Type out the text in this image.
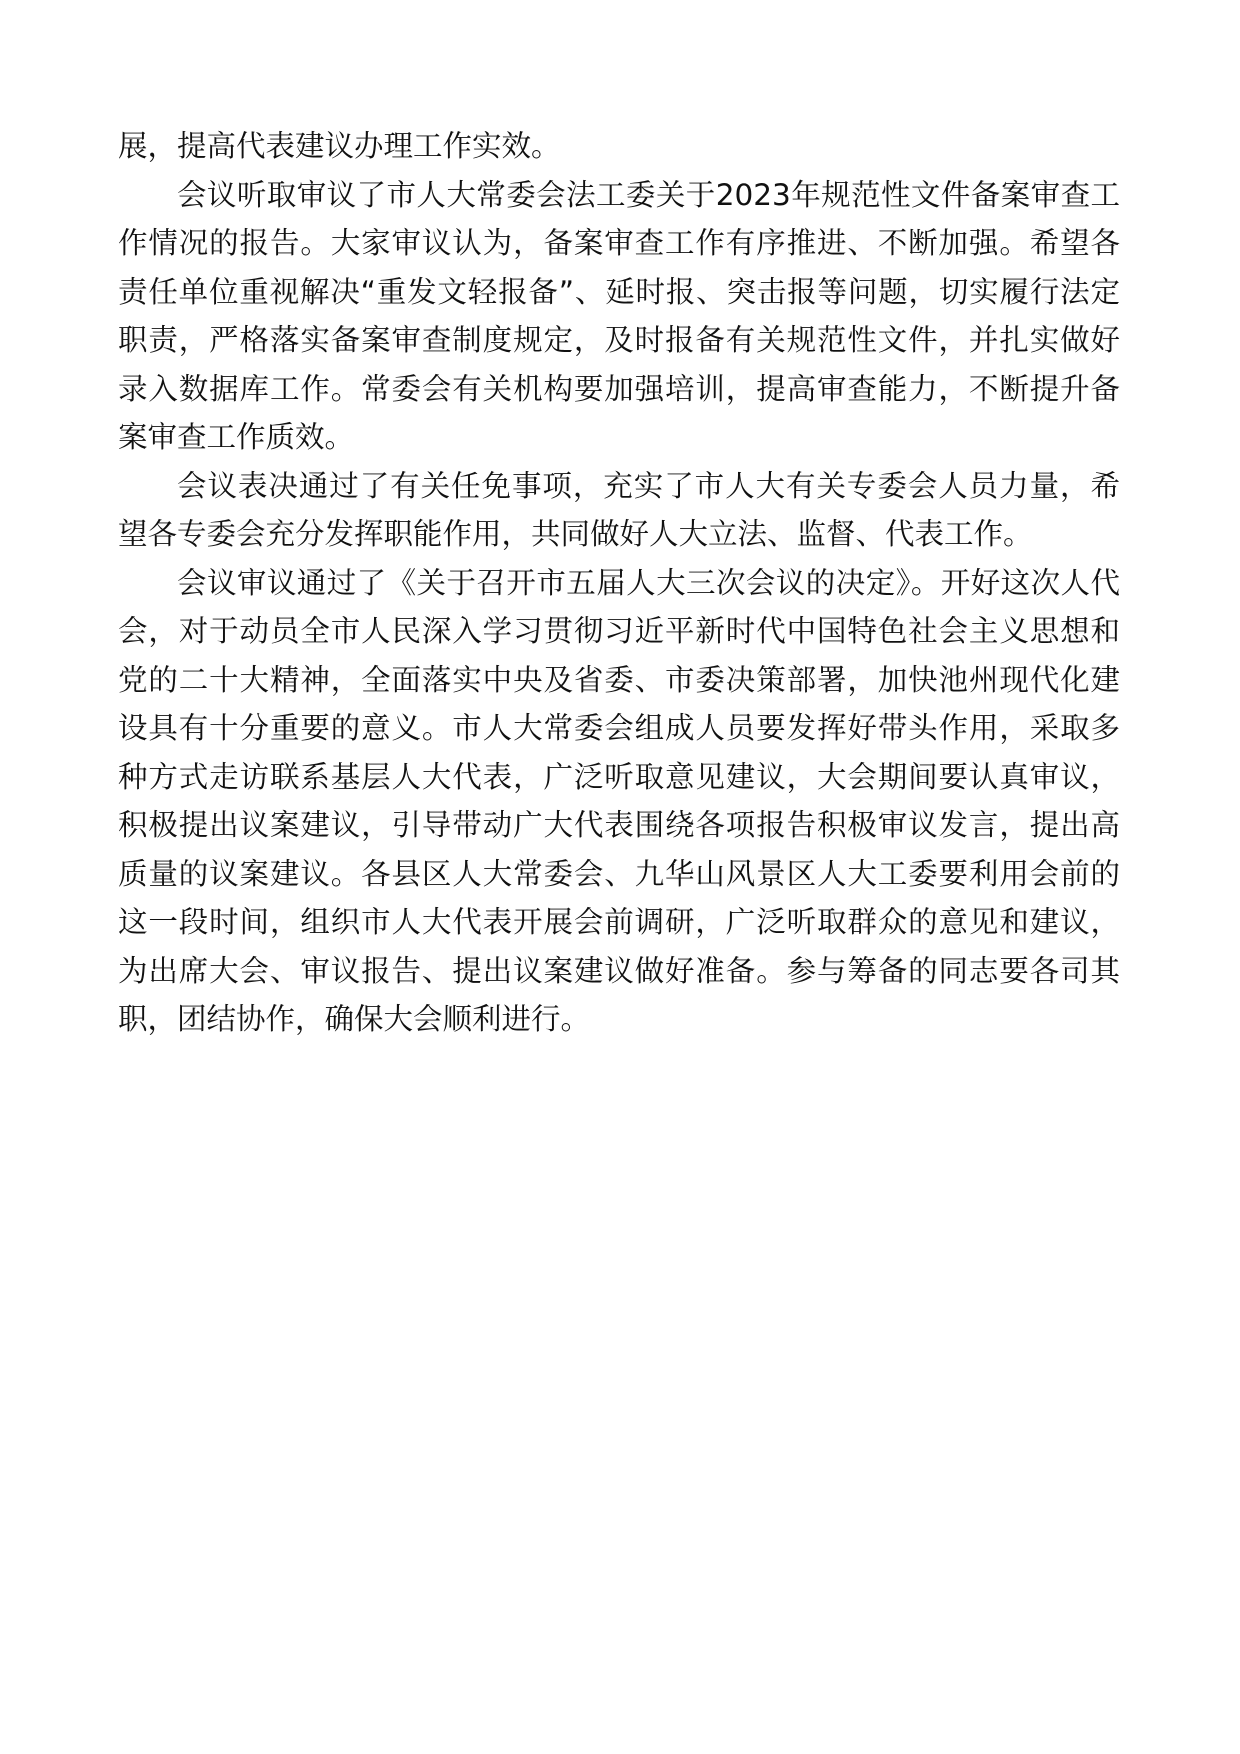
展，提高代表建议办理工作实效。

会议听取审议了市人大常委会法工委关于2023年规范性文件备案审查工作情况的报告。大家审议认为，备案审查工作有序推进、不断加强。希望各责任单位重视解决“重发文轻报备”、延时报、突击报等问题，切实履行法定职责，严格落实备案审查制度规定，及时报备有关规范性文件，并扎实做好录入数据库工作。常委会有关机构要加强培训，提高审查能力，不断提升备案审查工作质效。

会议表决通过了有关任免事项，充实了市人大有关专委会人员力量，希望各专委会充分发挥职能作用，共同做好人大立法、监督、代表工作。

会议审议通过了《关于召开市五届人大三次会议的决定》。开好这次人代会，对于动员全市人民深入学习贯彻习近平新时代中国特色社会主义思想和党的二十大精神，全面落实中央及省委、市委决策部署，加快池州现代化建设具有十分重要的意义。市人大常委会组成人员要发挥好带头作用，采取多种方式走访联系基层人大代表，广泛听取意见建议，大会期间要认真审议，积极提出议案建议，引导带动广大代表围绕各项报告积极审议发言，提出高质量的议案建议。各县区人大常委会、九华山风景区人大工委要利用会前的这一段时间，组织市人大代表开展会前调研，广泛听取群众的意见和建议，为出席大会、审议报告、提出议案建议做好准备。参与筹备的同志要各司其职，团结协作，确保大会顺利进行。
